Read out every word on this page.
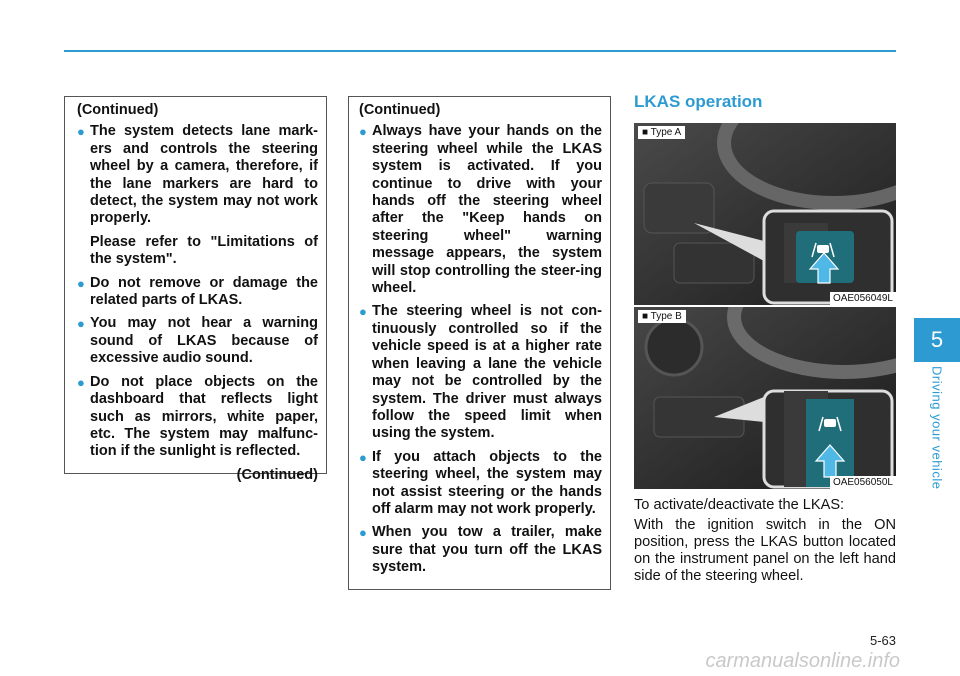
(Continued)

● The system detects lane mark-ers and controls the steering wheel by a camera, therefore, if the lane markers are hard to detect, the system may not work properly.

Please refer to "Limitations of the system".

● Do not remove or damage the related parts of LKAS.
● You may not hear a warning sound of LKAS because of excessive audio sound.
● Do not place objects on the dashboard that reflects light such as mirrors, white paper, etc. The system may malfunc-tion if the sunlight is reflected.

(Continued)

(Continued)

● Always have your hands on the steering wheel while the LKAS system is activated. If you continue to drive with your hands off the steering wheel after the "Keep hands on steering wheel" warning message appears, the system will stop controlling the steer-ing wheel.
● The steering wheel is not con-tinuously controlled so if the vehicle speed is at a higher rate when leaving a lane the vehicle may not be controlled by the system. The driver must always follow the speed limit when using the system.
● If you attach objects to the steering wheel, the system may not assist steering or the hands off alarm may not work properly.
● When you tow a trailer, make sure that you turn off the LKAS system.
LKAS operation
■ Type A
OAE056049L
■ Type B
OAE056050L

To activate/deactivate the LKAS:

With the ignition switch in the ON position, press the LKAS button located on the instrument panel on the left hand side of the steering wheel.

5
Driving your vehicle
5-63
carmanualsonline.info
